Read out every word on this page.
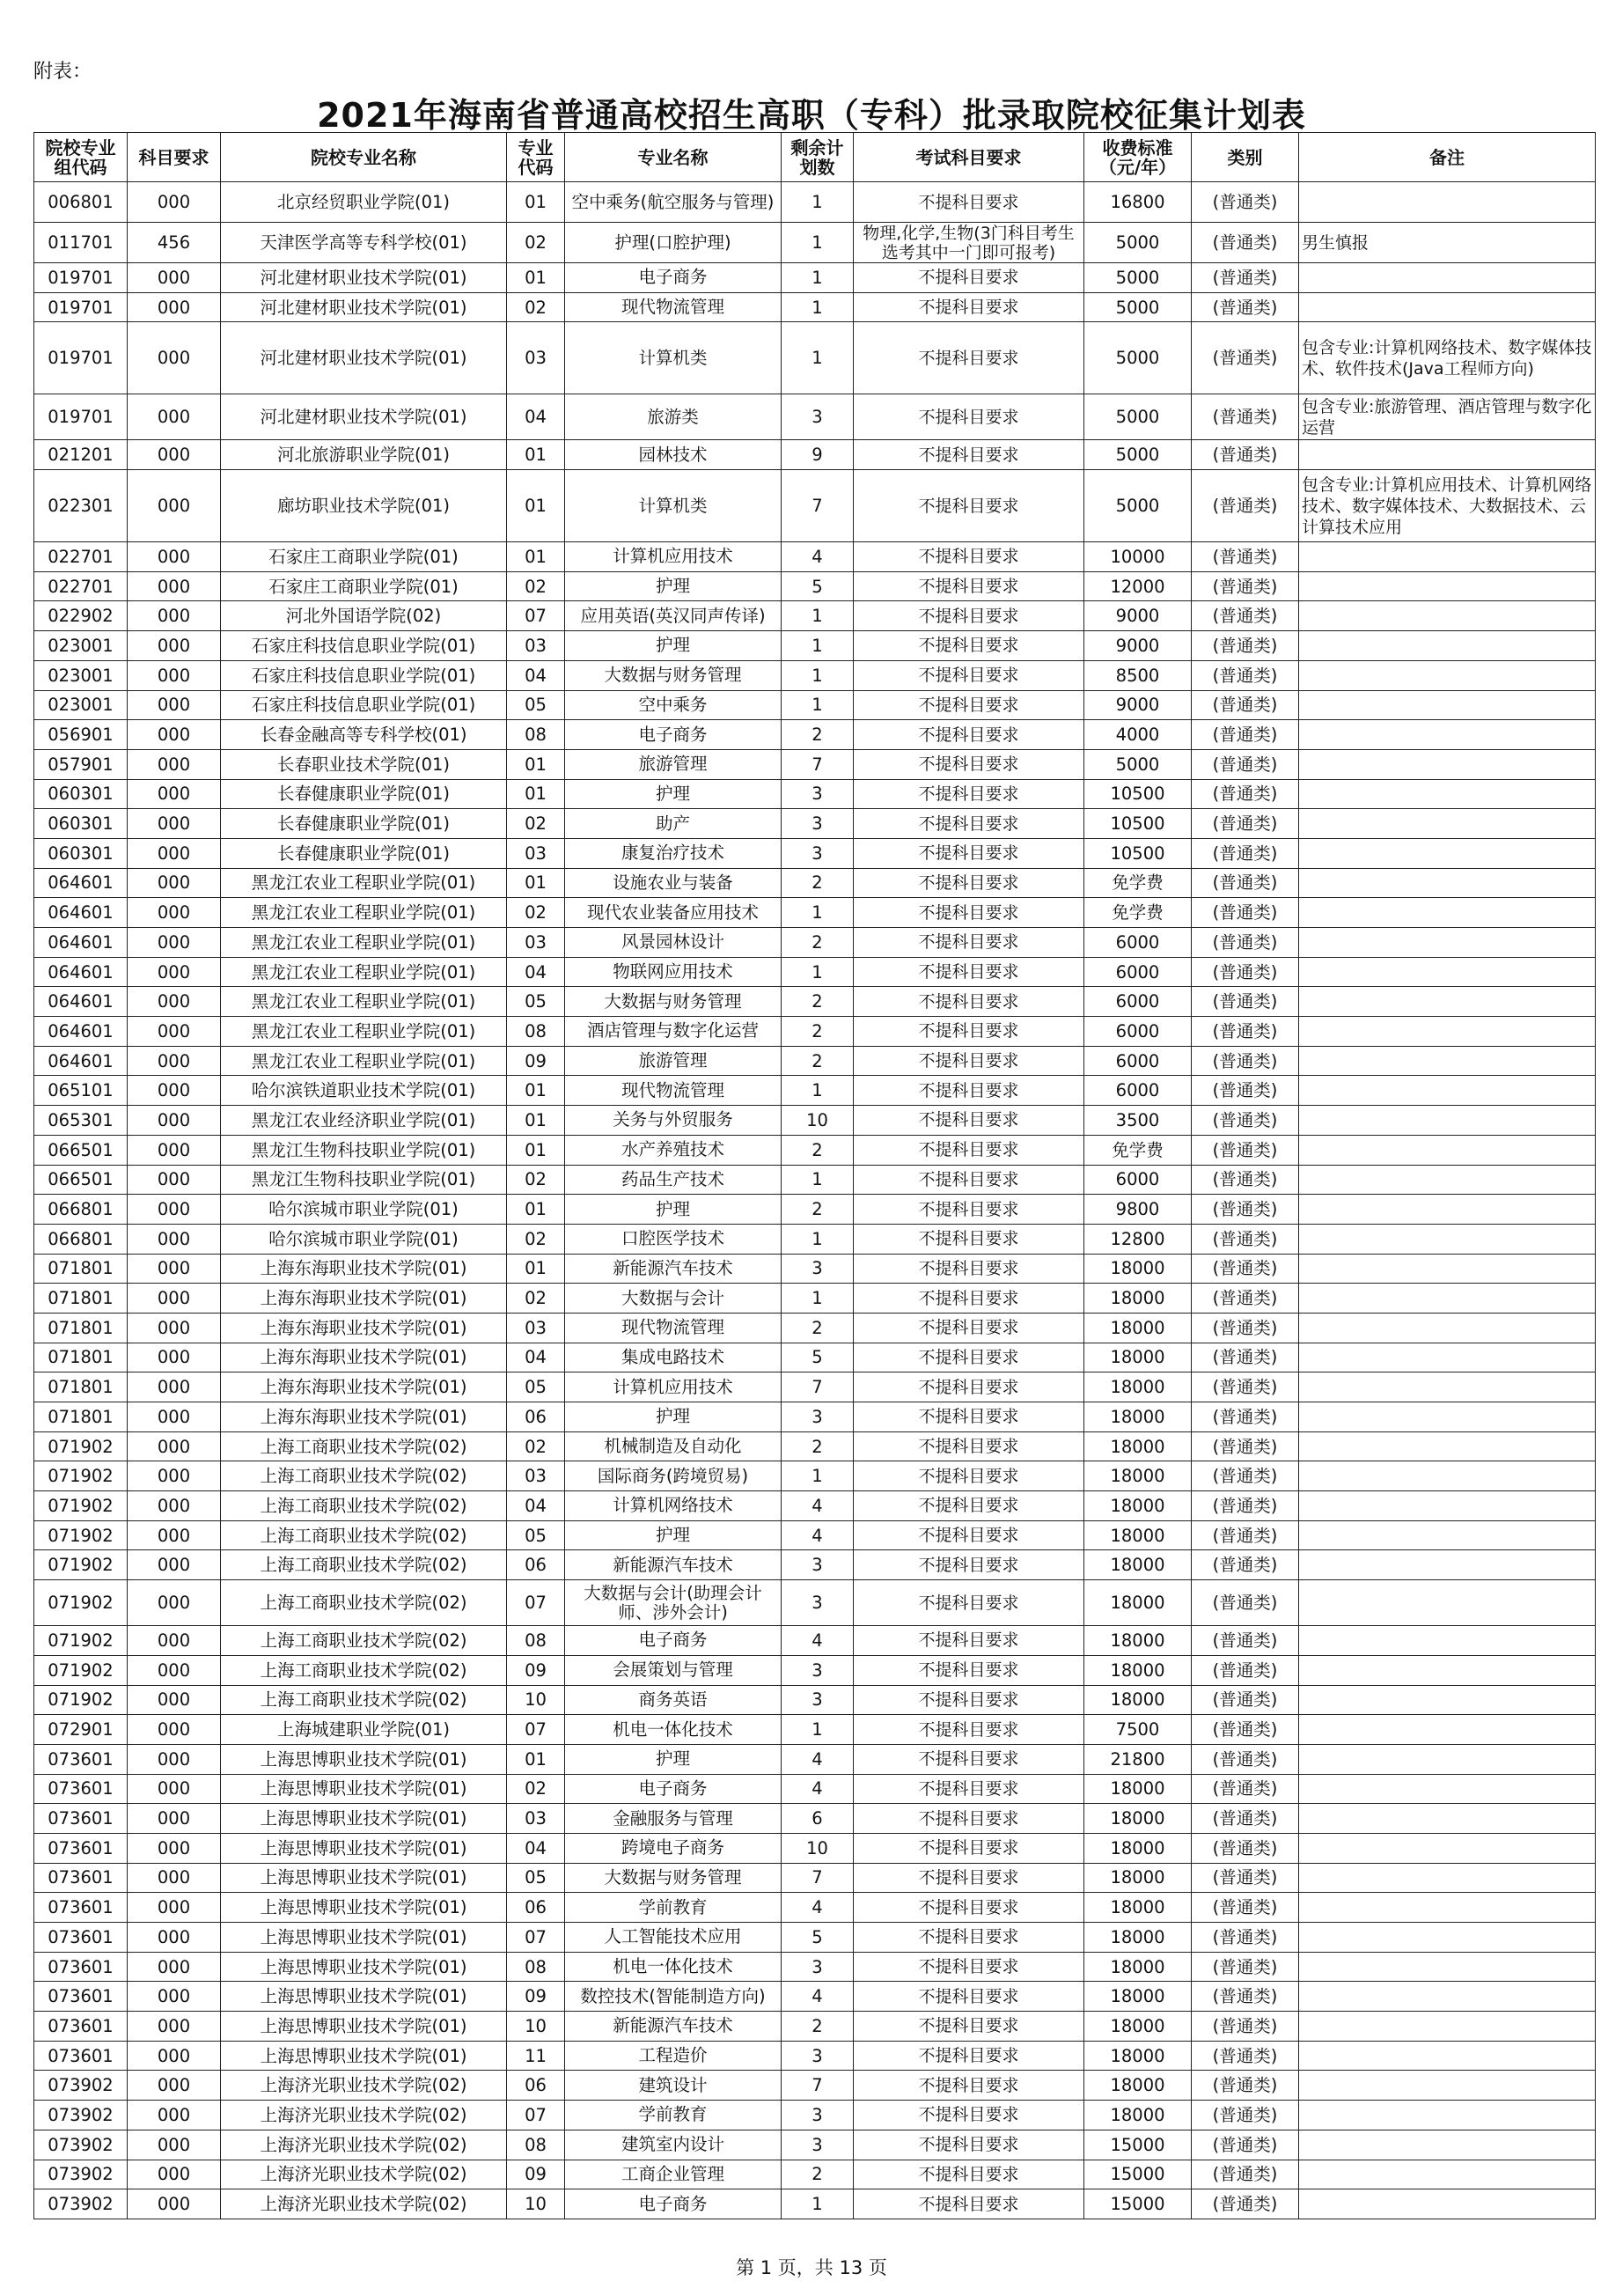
附表：
2021年海南省普通高校招生高职（专科）批录取院校征集计划表
院校专业组代码	科目要求	院校专业名称	专业代码	专业名称	剩余计划数	考试科目要求	收费标准（元/年）	类别	备注
006801	000	北京经贸职业学院(01)	01	空中乘务(航空服务与管理)	1	不提科目要求	16800	(普通类)	
011701	456	天津医学高等专科学校(01)	02	护理(口腔护理)	1	物理,化学,生物(3门科目考生选考其中一门即可报考)	5000	(普通类)	男生慎报
019701	000	河北建材职业技术学院(01)	01	电子商务	1	不提科目要求	5000	(普通类)	
019701	000	河北建材职业技术学院(01)	02	现代物流管理	1	不提科目要求	5000	(普通类)	
019701	000	河北建材职业技术学院(01)	03	计算机类	1	不提科目要求	5000	(普通类)	包含专业:计算机网络技术、数字媒体技术、软件技术(Java工程师方向)
019701	000	河北建材职业技术学院(01)	04	旅游类	3	不提科目要求	5000	(普通类)	包含专业:旅游管理、酒店管理与数字化运营
021201	000	河北旅游职业学院(01)	01	园林技术	9	不提科目要求	5000	(普通类)	
022301	000	廊坊职业技术学院(01)	01	计算机类	7	不提科目要求	5000	(普通类)	包含专业:计算机应用技术、计算机网络技术、数字媒体技术、大数据技术、云计算技术应用
022701	000	石家庄工商职业学院(01)	01	计算机应用技术	4	不提科目要求	10000	(普通类)	
022701	000	石家庄工商职业学院(01)	02	护理	5	不提科目要求	12000	(普通类)	
022902	000	河北外国语学院(02)	07	应用英语(英汉同声传译)	1	不提科目要求	9000	(普通类)	
023001	000	石家庄科技信息职业学院(01)	03	护理	1	不提科目要求	9000	(普通类)	
023001	000	石家庄科技信息职业学院(01)	04	大数据与财务管理	1	不提科目要求	8500	(普通类)	
023001	000	石家庄科技信息职业学院(01)	05	空中乘务	1	不提科目要求	9000	(普通类)	
056901	000	长春金融高等专科学校(01)	08	电子商务	2	不提科目要求	4000	(普通类)	
057901	000	长春职业技术学院(01)	01	旅游管理	7	不提科目要求	5000	(普通类)	
060301	000	长春健康职业学院(01)	01	护理	3	不提科目要求	10500	(普通类)	
060301	000	长春健康职业学院(01)	02	助产	3	不提科目要求	10500	(普通类)	
060301	000	长春健康职业学院(01)	03	康复治疗技术	3	不提科目要求	10500	(普通类)	
064601	000	黑龙江农业工程职业学院(01)	01	设施农业与装备	2	不提科目要求	免学费	(普通类)	
064601	000	黑龙江农业工程职业学院(01)	02	现代农业装备应用技术	1	不提科目要求	免学费	(普通类)	
064601	000	黑龙江农业工程职业学院(01)	03	风景园林设计	2	不提科目要求	6000	(普通类)	
064601	000	黑龙江农业工程职业学院(01)	04	物联网应用技术	1	不提科目要求	6000	(普通类)	
064601	000	黑龙江农业工程职业学院(01)	05	大数据与财务管理	2	不提科目要求	6000	(普通类)	
064601	000	黑龙江农业工程职业学院(01)	08	酒店管理与数字化运营	2	不提科目要求	6000	(普通类)	
064601	000	黑龙江农业工程职业学院(01)	09	旅游管理	2	不提科目要求	6000	(普通类)	
065101	000	哈尔滨铁道职业技术学院(01)	01	现代物流管理	1	不提科目要求	6000	(普通类)	
065301	000	黑龙江农业经济职业学院(01)	01	关务与外贸服务	10	不提科目要求	3500	(普通类)	
066501	000	黑龙江生物科技职业学院(01)	01	水产养殖技术	2	不提科目要求	免学费	(普通类)	
066501	000	黑龙江生物科技职业学院(01)	02	药品生产技术	1	不提科目要求	6000	(普通类)	
066801	000	哈尔滨城市职业学院(01)	01	护理	2	不提科目要求	9800	(普通类)	
066801	000	哈尔滨城市职业学院(01)	02	口腔医学技术	1	不提科目要求	12800	(普通类)	
071801	000	上海东海职业技术学院(01)	01	新能源汽车技术	3	不提科目要求	18000	(普通类)	
071801	000	上海东海职业技术学院(01)	02	大数据与会计	1	不提科目要求	18000	(普通类)	
071801	000	上海东海职业技术学院(01)	03	现代物流管理	2	不提科目要求	18000	(普通类)	
071801	000	上海东海职业技术学院(01)	04	集成电路技术	5	不提科目要求	18000	(普通类)	
071801	000	上海东海职业技术学院(01)	05	计算机应用技术	7	不提科目要求	18000	(普通类)	
071801	000	上海东海职业技术学院(01)	06	护理	3	不提科目要求	18000	(普通类)	
071902	000	上海工商职业技术学院(02)	02	机械制造及自动化	2	不提科目要求	18000	(普通类)	
071902	000	上海工商职业技术学院(02)	03	国际商务(跨境贸易)	1	不提科目要求	18000	(普通类)	
071902	000	上海工商职业技术学院(02)	04	计算机网络技术	4	不提科目要求	18000	(普通类)	
071902	000	上海工商职业技术学院(02)	05	护理	4	不提科目要求	18000	(普通类)	
071902	000	上海工商职业技术学院(02)	06	新能源汽车技术	3	不提科目要求	18000	(普通类)	
071902	000	上海工商职业技术学院(02)	07	大数据与会计(助理会计师、涉外会计)	3	不提科目要求	18000	(普通类)	
071902	000	上海工商职业技术学院(02)	08	电子商务	4	不提科目要求	18000	(普通类)	
071902	000	上海工商职业技术学院(02)	09	会展策划与管理	3	不提科目要求	18000	(普通类)	
071902	000	上海工商职业技术学院(02)	10	商务英语	3	不提科目要求	18000	(普通类)	
072901	000	上海城建职业学院(01)	07	机电一体化技术	1	不提科目要求	7500	(普通类)	
073601	000	上海思博职业技术学院(01)	01	护理	4	不提科目要求	21800	(普通类)	
073601	000	上海思博职业技术学院(01)	02	电子商务	4	不提科目要求	18000	(普通类)	
073601	000	上海思博职业技术学院(01)	03	金融服务与管理	6	不提科目要求	18000	(普通类)	
073601	000	上海思博职业技术学院(01)	04	跨境电子商务	10	不提科目要求	18000	(普通类)	
073601	000	上海思博职业技术学院(01)	05	大数据与财务管理	7	不提科目要求	18000	(普通类)	
073601	000	上海思博职业技术学院(01)	06	学前教育	4	不提科目要求	18000	(普通类)	
073601	000	上海思博职业技术学院(01)	07	人工智能技术应用	5	不提科目要求	18000	(普通类)	
073601	000	上海思博职业技术学院(01)	08	机电一体化技术	3	不提科目要求	18000	(普通类)	
073601	000	上海思博职业技术学院(01)	09	数控技术(智能制造方向)	4	不提科目要求	18000	(普通类)	
073601	000	上海思博职业技术学院(01)	10	新能源汽车技术	2	不提科目要求	18000	(普通类)	
073601	000	上海思博职业技术学院(01)	11	工程造价	3	不提科目要求	18000	(普通类)	
073902	000	上海济光职业技术学院(02)	06	建筑设计	7	不提科目要求	18000	(普通类)	
073902	000	上海济光职业技术学院(02)	07	学前教育	3	不提科目要求	18000	(普通类)	
073902	000	上海济光职业技术学院(02)	08	建筑室内设计	3	不提科目要求	15000	(普通类)	
073902	000	上海济光职业技术学院(02)	09	工商企业管理	2	不提科目要求	15000	(普通类)	
073902	000	上海济光职业技术学院(02)	10	电子商务	1	不提科目要求	15000	(普通类)	
第 1 页，共 13 页
